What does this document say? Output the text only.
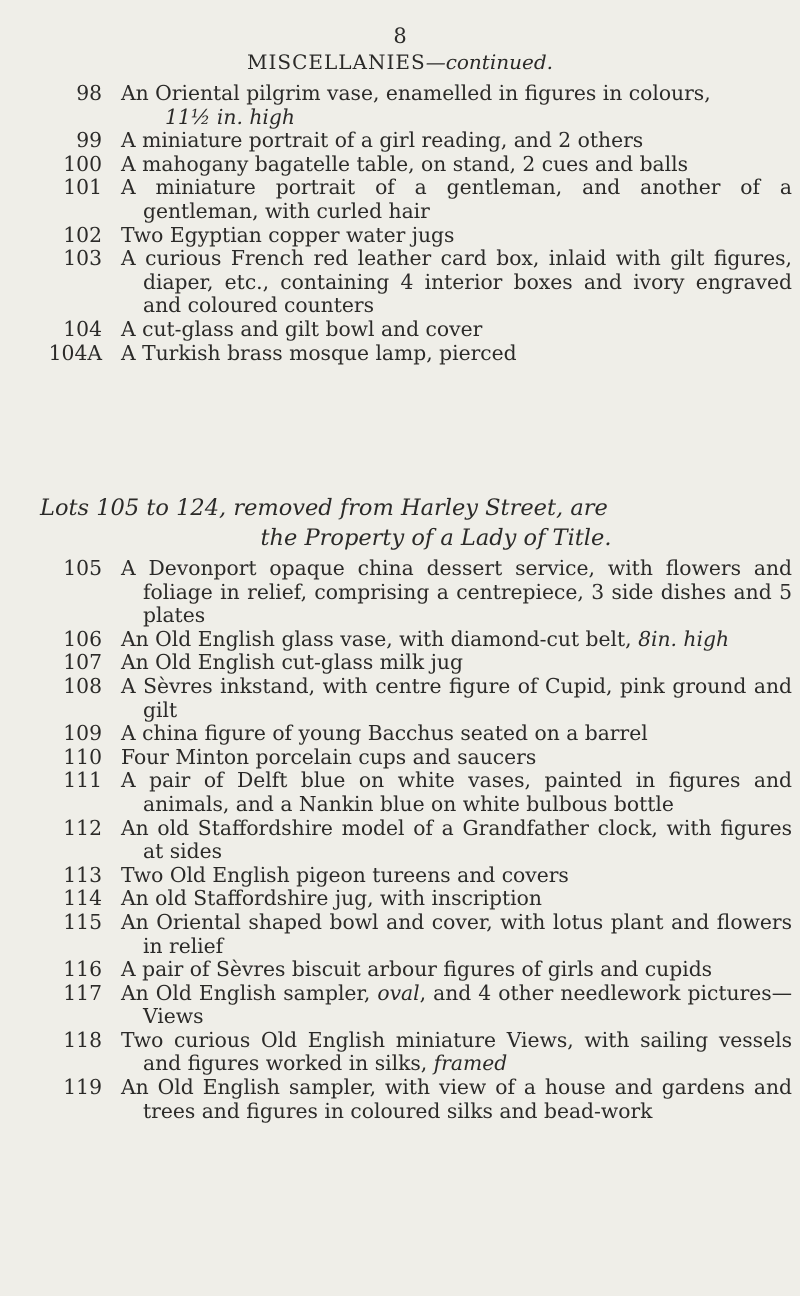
8
MISCELLANIES—continued.
98 An Oriental pilgrim vase, enamelled in figures in colours,
11½ in. high
99 A miniature portrait of a girl reading, and 2 others
100 A mahogany bagatelle table, on stand, 2 cues and balls
101 A miniature portrait of a gentleman, and another of a gentleman, with curled hair
102 Two Egyptian copper water jugs
103 A curious French red leather card box, inlaid with gilt figures, diaper, etc., containing 4 interior boxes and ivory engraved and coloured counters
104 A cut-glass and gilt bowl and cover
104A A Turkish brass mosque lamp, pierced
Lots 105 to 124, removed from Harley Street, are
the Property of a Lady of Title.
105 A Devonport opaque china dessert service, with flowers and foliage in relief, comprising a centrepiece, 3 side dishes and 5 plates
106 An Old English glass vase, with diamond-cut belt, 8in. high
107 An Old English cut-glass milk jug
108 A Sèvres inkstand, with centre figure of Cupid, pink ground and gilt
109 A china figure of young Bacchus seated on a barrel
110 Four Minton porcelain cups and saucers
111 A pair of Delft blue on white vases, painted in figures and animals, and a Nankin blue on white bulbous bottle
112 An old Staffordshire model of a Grandfather clock, with figures at sides
113 Two Old English pigeon tureens and covers
114 An old Staffordshire jug, with inscription
115 An Oriental shaped bowl and cover, with lotus plant and flowers in relief
116 A pair of Sèvres biscuit arbour figures of girls and cupids
117 An Old English sampler, oval, and 4 other needlework pictures—Views
118 Two curious Old English miniature Views, with sailing vessels and figures worked in silks, framed
119 An Old English sampler, with view of a house and gardens and trees and figures in coloured silks and bead-work
